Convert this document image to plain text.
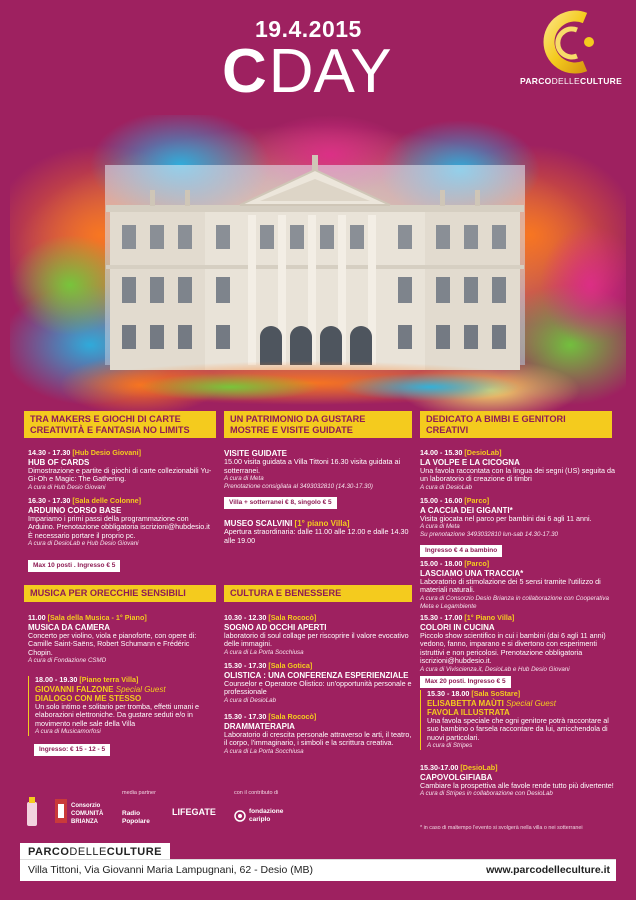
19.4.2015
C DAY	PARCODELLECULTURE
TRA MAKERS E GIOCHI DI CARTE CREATIVITÀ E FANTASIA NO LIMITS
14.30 - 17.30 [Hub Desio Giovani]
HUB OF CARDS
Dimostrazione e partite di giochi di carte collezionabili Yu-Gi-Oh e Magic: The Gathering.
A cura di Hub Desio Giovani
16.30 - 17.30 [Sala delle Colonne]
ARDUINO CORSO BASE
Impariamo i primi passi della programmazione con Arduino. Prenotazione obbligatoria iscrizioni@hubdesio.it È necessario portare il proprio pc.
A cura di DesioLab e Hub Desio Giovani
Max 10 posti . Ingresso € 5
MUSICA PER ORECCHIE SENSIBILI
11.00 [Sala della Musica - 1° Piano]
MUSICA DA CAMERA
Concerto per violino, viola e pianoforte, con opere di: Camille Saint-Saëns, Robert Schumann e Frédéric Chopin.
A cura di Fondazione CSMD
18.00 - 19.30 [Piano terra Villa]
GIOVANNI FALZONE Special Guest
DIALOGO CON ME STESSO
Un solo intimo e solitario per tromba, effetti umani e elaborazioni elettroniche. Da gustare seduti e/o in movimento nelle sale della Villa
A cura di Musicamorfosi
Ingresso: € 15 - 12 - 5
UN PATRIMONIO DA GUSTARE MOSTRE E VISITE GUIDATE
VISITE GUIDATE
15.00 visita guidata a Villa Tittoni 16.30 visita guidata ai sotterranei.
A cura di Meta
Prenotazione consigliata al 3493032810 (14.30-17.30)
Villa + sotterranei € 8, singolo € 5
MUSEO SCALVINI [1° piano Villa]
Apertura straordinaria: dalle 11.00 alle 12.00 e dalle 14.30 alle 19.00
CULTURA E BENESSERE
10.30 - 12.30 [Sala Rococò]
SOGNO AD OCCHI APERTI
laboratorio di soul collage per riscoprire il valore evocativo delle immagini.
A cura di La Porta Socchiusa
15.30 - 17.30 [Sala Gotica]
OLISTICA : UNA CONFERENZA ESPERIENZIALE
Counselor e Operatore Olistico: un'opportunità personale e professionale
A cura di DesioLab
15.30 - 17.30 [Sala Rococò]
DRAMMATERAPIA
Laboratorio di crescita personale attraverso le arti, il teatro, il corpo, l'immaginario, i simboli e la scrittura creativa.
A cura di La Porta Socchiusa
DEDICATO A BIMBI E GENITORI CREATIVI
14.00 - 15.30 [DesioLab]
LA VOLPE E LA CICOGNA
Una favola raccontata con la lingua dei segni (US) seguita da un laboratorio di creazione di timbri
A cura di DesioLab
15.00 - 16.00 [Parco]
A CACCIA DEI GIGANTI*
Visita giocata nel parco per bambini dai 6 agli 11 anni.
A cura di Meta
Su prenotazione 3493032810 lun-sab 14.30-17.30
Ingresso € 4 a bambino
15.00 - 18.00 [Parco]
LASCIAMO UNA TRACCIA*
Laboratorio di stimolazione dei 5 sensi tramite l'utilizzo di materiali naturali.
A cura di Consorzio Desio Brianza in collaborazione con Cooperativa Meta e Legambiente
15.30 - 17.00 [1° Piano Villa]
COLORI IN CUCINA
Piccolo show scientifico in cui i bambini (dai 6 agli 11 anni) vedono, fanno, imparano e si divertono con esperimenti istruttivi e non pericolosi. Prenotazione obbligatoria iscrizioni@hubdesio.it.
A cura di Viviscienza.it, DesioLab e Hub Desio Giovani
Max 20 posti. Ingresso € 5
15.30 - 18.00 [Sala SoStare]
ELISABETTA MAÙTI Special Guest
FAVOLA ILLUSTRATA
Una favola speciale che ogni genitore potrà raccontare al suo bambino o farsela raccontare da lui, arricchendola di nuovi particolari.
A cura di Stripes
15.30-17.00 [DesioLab]
CAPOVOLGIFIABA
Cambiare la prospettiva alle favole rende tutto più divertente!
A cura di Stripes in collaborazione con DesioLab
Consorzio COMUNITÀ BRIANZA
media partner
Radio Popolare
LIFEGATE
con il contributo di
fondazione cariplo
* in caso di maltempo l'evento si svolgerà nella villa o nei sotterranei
PARCODELLECULTURE
Villa Tittoni, Via Giovanni Maria Lampugnani, 62 - Desio (MB)	www.parcodelleculture.it
